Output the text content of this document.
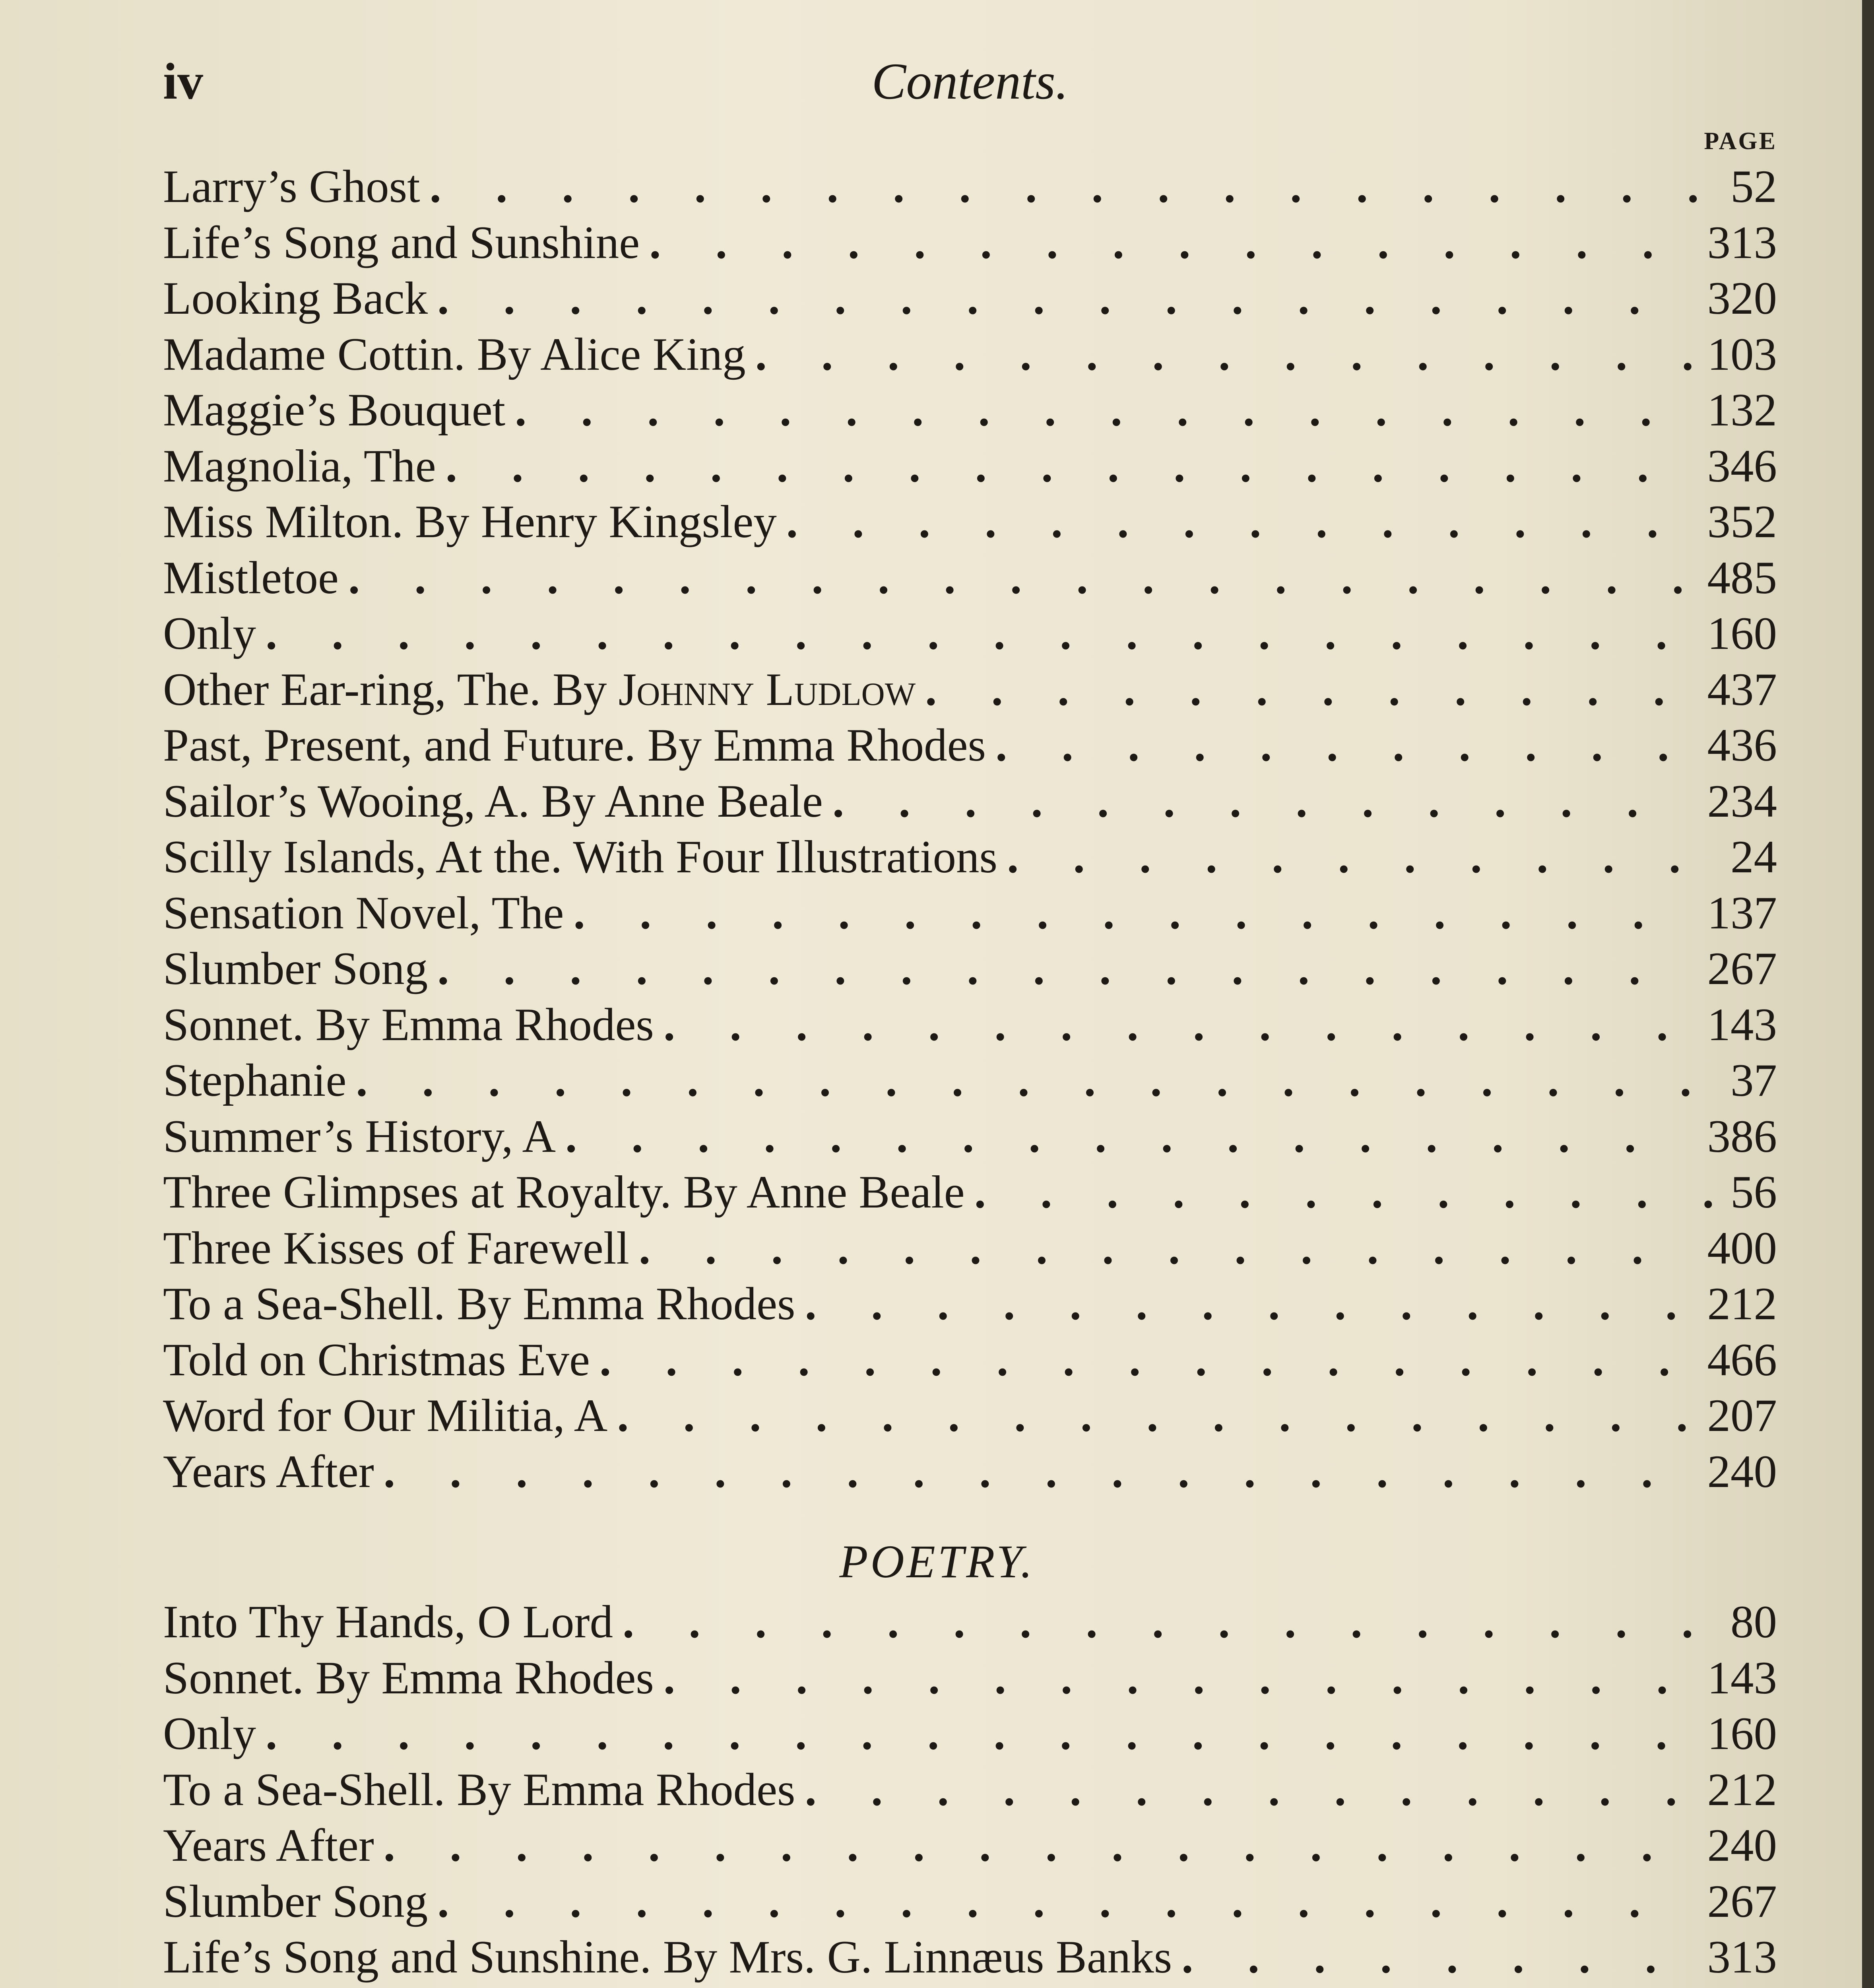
iv	Contents.
PAGE
Larry’s Ghost . . .	52
Life’s Song and Sunshine . . .	313
Looking Back . . .	320
Madame Cottin. By Alice King . . .	103
Maggie’s Bouquet . . .	132
Magnolia, The . . .	346
Miss Milton. By Henry Kingsley . . .	352
Mistletoe . . .	485
Only . . .	160
Other Ear-ring, The. By Johnny Ludlow . . .	437
Past, Present, and Future. By Emma Rhodes . . .	436
Sailor’s Wooing, A. By Anne Beale . . .	234
Scilly Islands, At the. With Four Illustrations . . .	24
Sensation Novel, The . . .	137
Slumber Song . . .	267
Sonnet. By Emma Rhodes . . .	143
Stephanie . . .	37
Summer’s History, A . . .	386
Three Glimpses at Royalty. By Anne Beale . . .	56
Three Kisses of Farewell . . .	400
To a Sea-Shell. By Emma Rhodes . . .	212
Told on Christmas Eve . . .	466
Word for Our Militia, A . . .	207
Years After . . .	240
POETRY.
Into Thy Hands, O Lord . . .	80
Sonnet. By Emma Rhodes . . .	143
Only . . .	160
To a Sea-Shell. By Emma Rhodes . . .	212
Years After . . .	240
Slumber Song . . .	267
Life’s Song and Sunshine. By Mrs. G. Linnæus Banks . . .	313
. . .
